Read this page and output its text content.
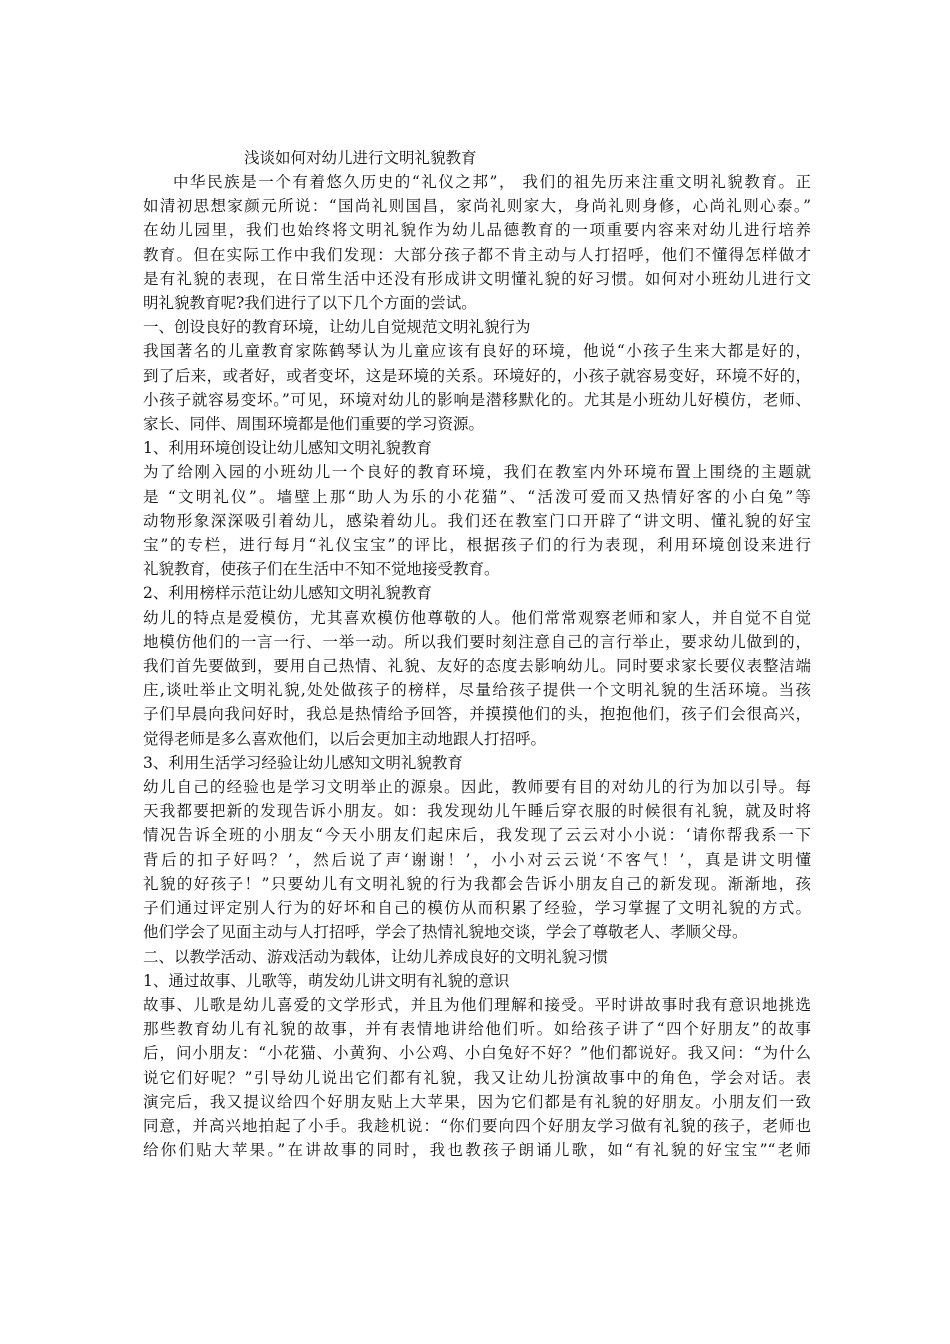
浅谈如何对幼儿进行文明礼貌教育
中华民族是一个有着悠久历史的“礼仪之邦”， 我们的祖先历来注重文明礼貌教育。正
如清初思想家颜元所说：“国尚礼则国昌，家尚礼则家大，身尚礼则身修，心尚礼则心泰。”
在幼儿园里，我们也始终将文明礼貌作为幼儿品德教育的一项重要内容来对幼儿进行培养
教育。但在实际工作中我们发现：大部分孩子都不肯主动与人打招呼，他们不懂得怎样做才
是有礼貌的表现，在日常生活中还没有形成讲文明懂礼貌的好习惯。如何对小班幼儿进行文
明礼貌教育呢?我们进行了以下几个方面的尝试。
一、创设良好的教育环境，让幼儿自觉规范文明礼貌行为
我国著名的儿童教育家陈鹤琴认为儿童应该有良好的环境，他说“小孩子生来大都是好的，
到了后来，或者好，或者变坏，这是环境的关系。环境好的，小孩子就容易变好，环境不好的，
小孩子就容易变坏。”可见，环境对幼儿的影响是潜移默化的。尤其是小班幼儿好模仿，老师、
家长、同伴、周围环境都是他们重要的学习资源。
1、利用环境创设让幼儿感知文明礼貌教育
为了给刚入园的小班幼儿一个良好的教育环境，我们在教室内外环境布置上围绕的主题就
是 “文明礼仪”。墙壁上那“助人为乐的小花猫”、“活泼可爱而又热情好客的小白兔”等
动物形象深深吸引着幼儿，感染着幼儿。我们还在教室门口开辟了“讲文明、懂礼貌的好宝
宝”的专栏，进行每月“礼仪宝宝”的评比，根据孩子们的行为表现，利用环境创设来进行
礼貌教育，使孩子们在生活中不知不觉地接受教育。
2、利用榜样示范让幼儿感知文明礼貌教育
幼儿的特点是爱模仿，尤其喜欢模仿他尊敬的人。他们常常观察老师和家人，并自觉不自觉
地模仿他们的一言一行、一举一动。所以我们要时刻注意自己的言行举止，要求幼儿做到的，
我们首先要做到，要用自己热情、礼貌、友好的态度去影响幼儿。同时要求家长要仪表整洁端
庄,谈吐举止文明礼貌,处处做孩子的榜样，尽量给孩子提供一个文明礼貌的生活环境。当孩
子们早晨向我问好时，我总是热情给予回答，并摸摸他们的头，抱抱他们，孩子们会很高兴，
觉得老师是多么喜欢他们，以后会更加主动地跟人打招呼。
3、利用生活学习经验让幼儿感知文明礼貌教育
幼儿自己的经验也是学习文明举止的源泉。因此，教师要有目的对幼儿的行为加以引导。每
天我都要把新的发现告诉小朋友。如：我发现幼儿午睡后穿衣服的时候很有礼貌，就及时将
情况告诉全班的小朋友“今天小朋友们起床后，我发现了云云对小小说：‘请你帮我系一下
背后的扣子好吗？’，然后说了声‘谢谢！’，小小对云云说‘不客气！’，真是讲文明懂
礼貌的好孩子！”只要幼儿有文明礼貌的行为我都会告诉小朋友自己的新发现。渐渐地，孩
子们通过评定别人行为的好坏和自己的模仿从而积累了经验，学习掌握了文明礼貌的方式。
他们学会了见面主动与人打招呼，学会了热情礼貌地交谈，学会了尊敬老人、孝顺父母。
二、以教学活动、游戏活动为载体，让幼儿养成良好的文明礼貌习惯
1、通过故事、儿歌等，萌发幼儿讲文明有礼貌的意识
故事、儿歌是幼儿喜爱的文学形式，并且为他们理解和接受。平时讲故事时我有意识地挑选
那些教育幼儿有礼貌的故事，并有表情地讲给他们听。如给孩子讲了“四个好朋友”的故事
后，问小朋友：“小花猫、小黄狗、小公鸡、小白兔好不好？”他们都说好。我又问：“为什么
说它们好呢？”引导幼儿说出它们都有礼貌，我又让幼儿扮演故事中的角色，学会对话。表
演完后，我又提议给四个好朋友贴上大苹果，因为它们都是有礼貌的好朋友。小朋友们一致
同意，并高兴地拍起了小手。我趁机说：“你们要向四个好朋友学习做有礼貌的孩子，老师也
给你们贴大苹果。”在讲故事的同时，我也教孩子朗诵儿歌，如“有礼貌的好宝宝”“老师
